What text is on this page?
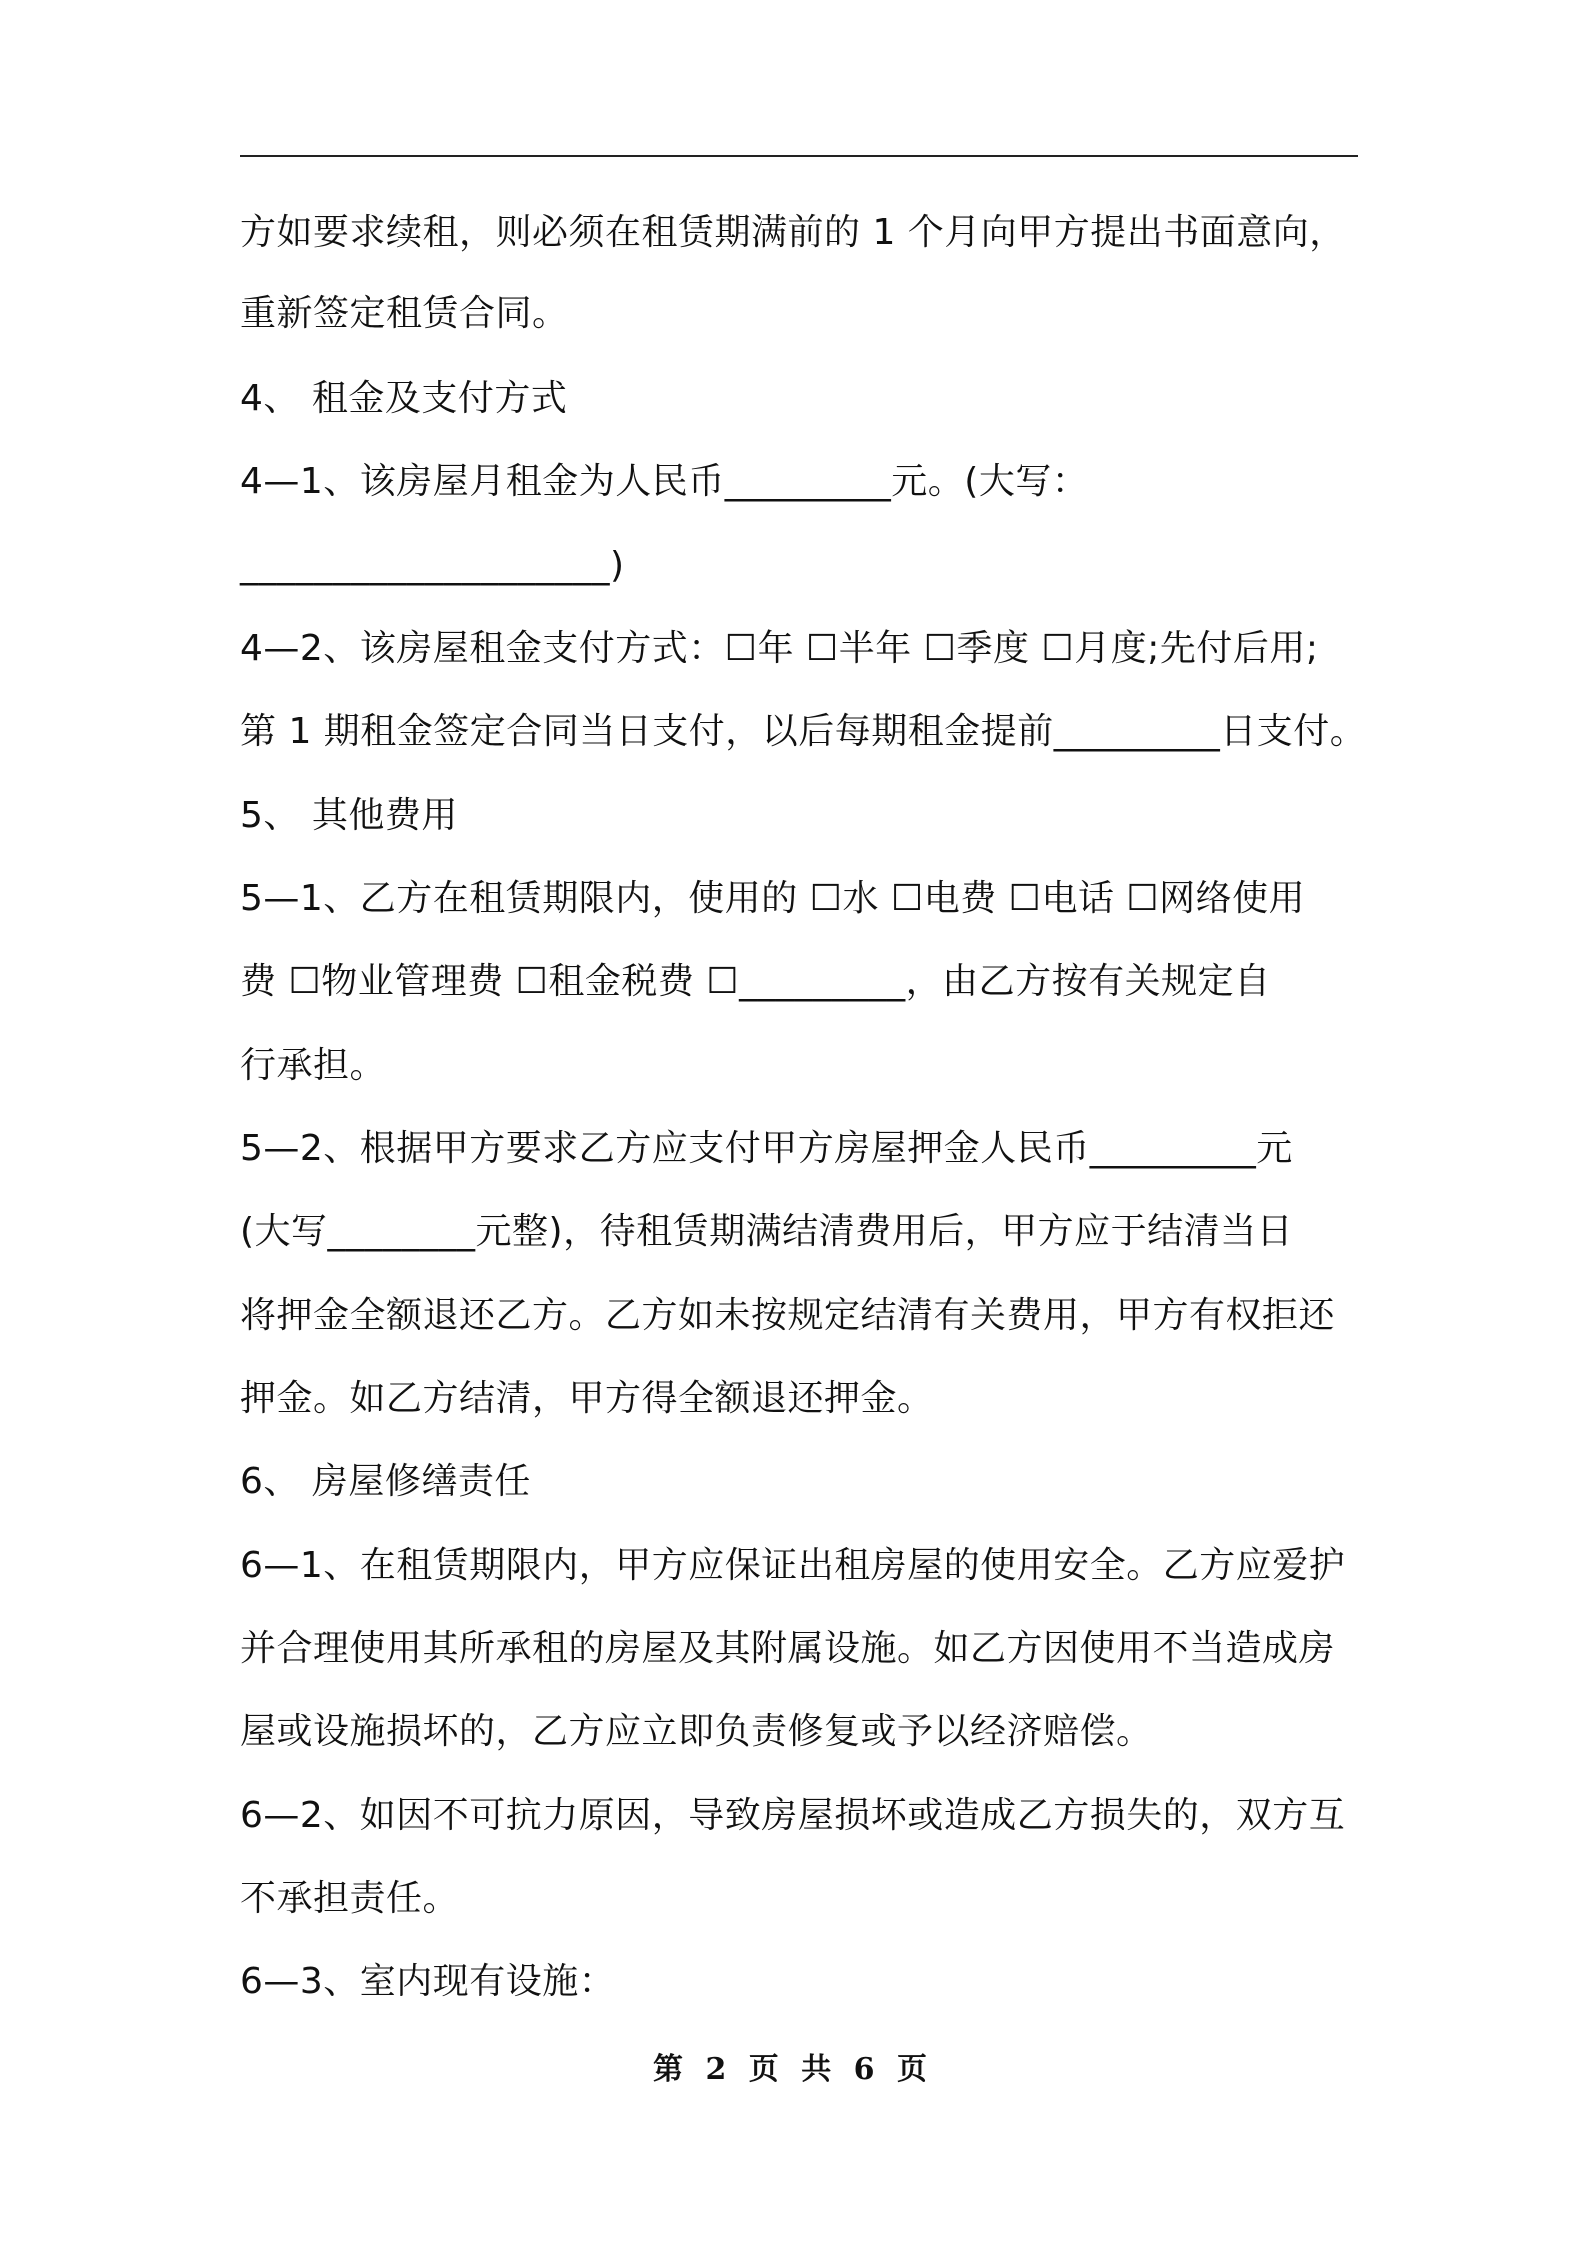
方如要求续租，则必须在租赁期满前的 1 个月向甲方提出书面意向，
重新签定租赁合同。
4、 租金及支付方式
4—1、该房屋月租金为人民币_________元。(大写：
____________________)
4—2、该房屋租金支付方式：☐年 ☐半年 ☐季度 ☐月度;先付后用;
第 1 期租金签定合同当日支付，以后每期租金提前_________日支付。
5、 其他费用
5—1、乙方在租赁期限内，使用的 ☐水 ☐电费 ☐电话 ☐网络使用
费 ☐物业管理费 ☐租金税费 ☐_________，由乙方按有关规定自
行承担。
5—2、根据甲方要求乙方应支付甲方房屋押金人民币_________元
(大写________元整)，待租赁期满结清费用后，甲方应于结清当日
将押金全额退还乙方。乙方如未按规定结清有关费用，甲方有权拒还
押金。如乙方结清，甲方得全额退还押金。
6、 房屋修缮责任
6—1、在租赁期限内，甲方应保证出租房屋的使用安全。乙方应爱护
并合理使用其所承租的房屋及其附属设施。如乙方因使用不当造成房
屋或设施损坏的，乙方应立即负责修复或予以经济赔偿。
6—2、如因不可抗力原因，导致房屋损坏或造成乙方损失的，双方互
不承担责任。
6—3、室内现有设施：
第 2 页 共 6 页
